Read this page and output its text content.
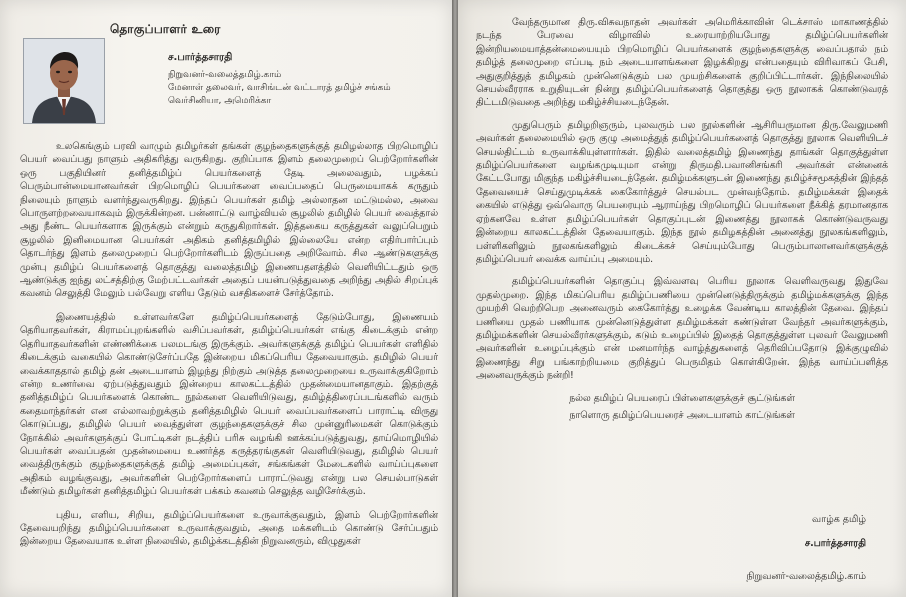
தொகுப்பாளர் உரை
ச.பார்த்தசாரதி
நிறுவனர்-வலைத்தமிழ்.காம்
மேனாள் தலைவர், வாசிங்டன் வட்டாரத் தமிழ்ச் சங்கம்
வெர்சினியா, அமெரிக்கா

உலகெங்கும் பரவி வாழும் தமிழர்கள் தங்கள் குழந்தைகளுக்குத் தமிழல்லாத பிறமொழிப் பெயர் வைப்பது நாளும் அதிகரித்து வருகிறது. குறிப்பாக இளம் தலைமுறைப் பெற்றோர்களின் ஒரு பகுதியினர் தனித்தமிழ்ப் பெயர்களைத் தேடி அலைவதும், பழக்கப் பெரும்பான்மையானவர்கள் பிறமொழிப் பெயர்களை வைப்பதைப் பெருமையாகக் கருதும் நிலையும் நாளும் வளர்ந்துவருகிறது. இந்தப் பெயர்கள் தமிழ் அல்லாதன மட்டுமல்ல, அவை பொருளற்றவையாகவும் இருக்கின்றன. பன்னாட்டு வாழ்வியல் சூழலில் தமிழில் பெயர் வைத்தால் அது நீண்ட பெயர்களாக இருக்கும் என்றும் கருதுகிறார்கள். இத்தகைய கருத்துகள் வலுப்பெறும் சூழலில் இனிமையான பெயர்கள் அதிகம் தனித்தமிழில் இல்லையே என்ற எதிர்பார்ப்பும் தொடர்ந்து இளம் தலைமுறைப் பெற்றோர்களிடம் இருப்பதை அறிவோம். சில ஆண்டுகளுக்கு முன்பு தமிழ்ப் பெயர்களைத் தொகுத்து வலைத்தமிழ் இணையதளத்தில் வெளியிட்டதும் ஒரு ஆண்டுக்கு ஐந்து லட்சத்திற்கு மேற்பட்டவர்கள் அதைப் பயன்படுத்துவதை அறிந்து அதில் சிறப்புக் கவனம் செலுத்தி மேலும் பல்வேறு எளிய தேடும் வசதிகளைச் சேர்த்தோம்.

இணையத்தில் உள்ளவர்களே தமிழ்ப்பெயர்களைத் தேடும்போது, இணையம் தெரியாதவர்கள், கிராமப்புறங்களில் வசிப்பவர்கள், தமிழ்ப்பெயர்கள் எங்கு கிடைக்கும் என்ற தெரியாதவர்களின் எண்ணிக்கை பலமடங்கு இருக்கும். அவர்களுக்குத் தமிழ்ப் பெயர்கள் எளிதில் கிடைக்கும் வகையில் கொண்டுசேர்ப்பதே இன்றைய மிகப்பெரிய தேவையாகும். தமிழில் பெயர் வைக்காததால் தமிழ் தன் அடையாளம் இழந்து நிற்கும் அடுத்த தலைமுறையை உருவாக்குகிறோம் என்ற உணர்வை ஏற்படுத்துவதும் இன்றைய காலகட்டத்தில் முதன்மையானதாகும். இதற்குத் தனித்தமிழ்ப் பெயர்களைக் கொண்ட நூல்களை வெளியிடுவது, தமிழ்த்திரைப்படங்களில் வரும் கதைமாந்தர்கள் என எல்லாவற்றுக்கும் தனித்தமிழில் பெயர் வைப்பவர்களைப் பாராட்டி விருது கொடுப்பது, தமிழில் பெயர் வைத்துள்ள குழந்தைகளுக்குச் சில முன்னுரிமைகள் கொடுக்கும் நோக்கில் அவர்களுக்குப் போட்டிகள் நடத்திப் பரிசு வழங்கி ஊக்கப்படுத்துவது, தாய்மொழியில் பெயர்கள் வைப்பதன் முதன்மையை உணர்த்த கருத்தரங்குகள் வெளியிடுவது, தமிழில் பெயர் வைத்திருக்கும் குழந்தைகளுக்குத் தமிழ் அமைப்புகள், சங்கங்கள் மேடைகளில் வாய்ப்புகளை அதிகம் வழங்குவது, அவர்களின் பெற்றோர்களைப் பாராட்டுவது என்று பல செயல்பாடுகள் மீண்டும் தமிழர்கள் தனித்தமிழ்ப் பெயர்கள் பக்கம் கவனம் செலுத்த வழிசேர்க்கும்.

புதிய, எளிய, சிறிய, தமிழ்ப்பெயர்களை உருவாக்குவதும், இளம் பெற்றோர்களின் தேவையறிந்து தமிழ்ப்பெயர்களை உருவாக்குவதும், அதை மக்களிடம் கொண்டு சேர்ப்பதும் இன்றைய தேவையாக உள்ள நிலையில், தமிழ்க்கடத்தின் நிறுவனரும், விழுதுகள்

வேந்தருமான திரு.விசுவநாதன் அவர்கள் அமெரிக்காவின் டெக்சாஸ் மாகாணத்தில் நடந்த பேரவை விழாவில் உரையாற்றியபோது தமிழ்ப்பெயர்களின் இன்றியமையாத்தன்மையையும் பிறமொழிப் பெயர்களைக் குழந்தைகளுக்கு வைப்பதால் நம் தமிழ்த் தலைமுறை எப்படி நம் அடையாளங்களை இழக்கிறது என்பதையும் விரிவாகப் பேசி, அதுகுறித்துத் தமிழகம் முன்னெடுக்கும் பல முயற்சிகளைக் குறிப்பிட்டார்கள். இந்நிலையில் செயல்வீரராக உறுதியுடன் நின்று தமிழ்ப்பெயர்களைத் தொகுத்து ஒரு நூலாகக் கொண்டுவரத் திட்டமிடுவதை அறிந்து மகிழ்ச்சியடைந்தேன்.

முதுபெரும் தமிழறிஞரும், புலவரும் பல நூல்களின் ஆசிரியருமான திரு.வேலுமணி அவர்கள் தலைமையில் ஒரு குழு அமைத்துத் தமிழ்ப்பெயர்களைத் தொகுத்து நூலாக வெளியிடச் செயல்திட்டம் உருவாக்கியுள்ளார்கள். இதில் வலைத்தமிழ் இணைந்து தாங்கள் தொகுத்துள்ள தமிழ்ப்பெயர்களை வழங்கமுடியுமா என்று திருமதி.பவானிசங்கரி அவர்கள் என்னைக் கேட்டபோது மிகுந்த மகிழ்ச்சியடைந்தேன். தமிழ்மக்களுடன் இணைந்து தமிழ்ச்சமூகத்தின் இந்தத் தேவையைச் செய்துமுடிக்கக் கைகோர்த்துச் செயல்பட முன்வந்தோம். தமிழ்மக்கள் இதைக் கையில் எடுத்து ஒவ்வொரு பெயரையும் ஆராய்ந்து பிறமொழிப் பெயர்களை நீக்கித் தரமானதாக ஏற்கனவே உள்ள தமிழ்ப்பெயர்கள் தொகுப்புடன் இணைத்து நூலாகக் கொண்டுவருவது இன்றைய காலகட்டத்தின் தேவையாகும். இந்த நூல் தமிழகத்தின் அனைத்து நூலகங்களிலும், பள்ளிகளிலும் நூலகங்களிலும் கிடைக்கச் செய்யும்போது பெரும்பாலானவர்களுக்குத் தமிழ்ப்பெயர் வைக்க வாய்ப்பு அமையும்.

தமிழ்ப்பெயர்களின் தொகுப்பு இவ்வளவு பெரிய நூலாக வெளிவருவது இதுவே முதல்முறை. இந்த மிகப்பெரிய தமிழ்ப்பணியை முன்னெடுத்திருக்கும் தமிழ்மக்களுக்கு இந்த முயற்சி வெற்றிபெற அனைவரும் கைகோர்த்து உழைக்க வேண்டிய காலத்தின் தேவை. இந்தப் பணியை முதல் பணியாக முன்னெடுத்துள்ள தமிழ்மக்கள் கண்டுள்ள வேந்தர் அவர்களுக்கும், தமிழ்மக்களின் செயல்வீரர்களுக்கும், கடும் உழைப்பில் இதைத் தொகுத்துள்ள புலவர் வேலுமணி அவர்களின் உழைப்புக்கும் என் மனமார்ந்த வாழ்த்துகளைத் தெரிவிப்பதோடு இக்குழுவில் இணைந்து சிறு பங்காற்றியமை குறித்துப் பெருமிதம் கொள்கிறேன். இந்த வாய்ப்பளித்த அனைவருக்கும் நன்றி!

நல்ல தமிழ்ப் பெயரைப் பிள்ளைகளுக்குச் சூட்டுங்கள்

நாளொரு தமிழ்ப்பெயரைச் அடையாளம் காட்டுங்கள்

வாழ்க தமிழ்
ச.பார்த்தசாரதி
நிறுவனர்-வலைத்தமிழ்.காம்
